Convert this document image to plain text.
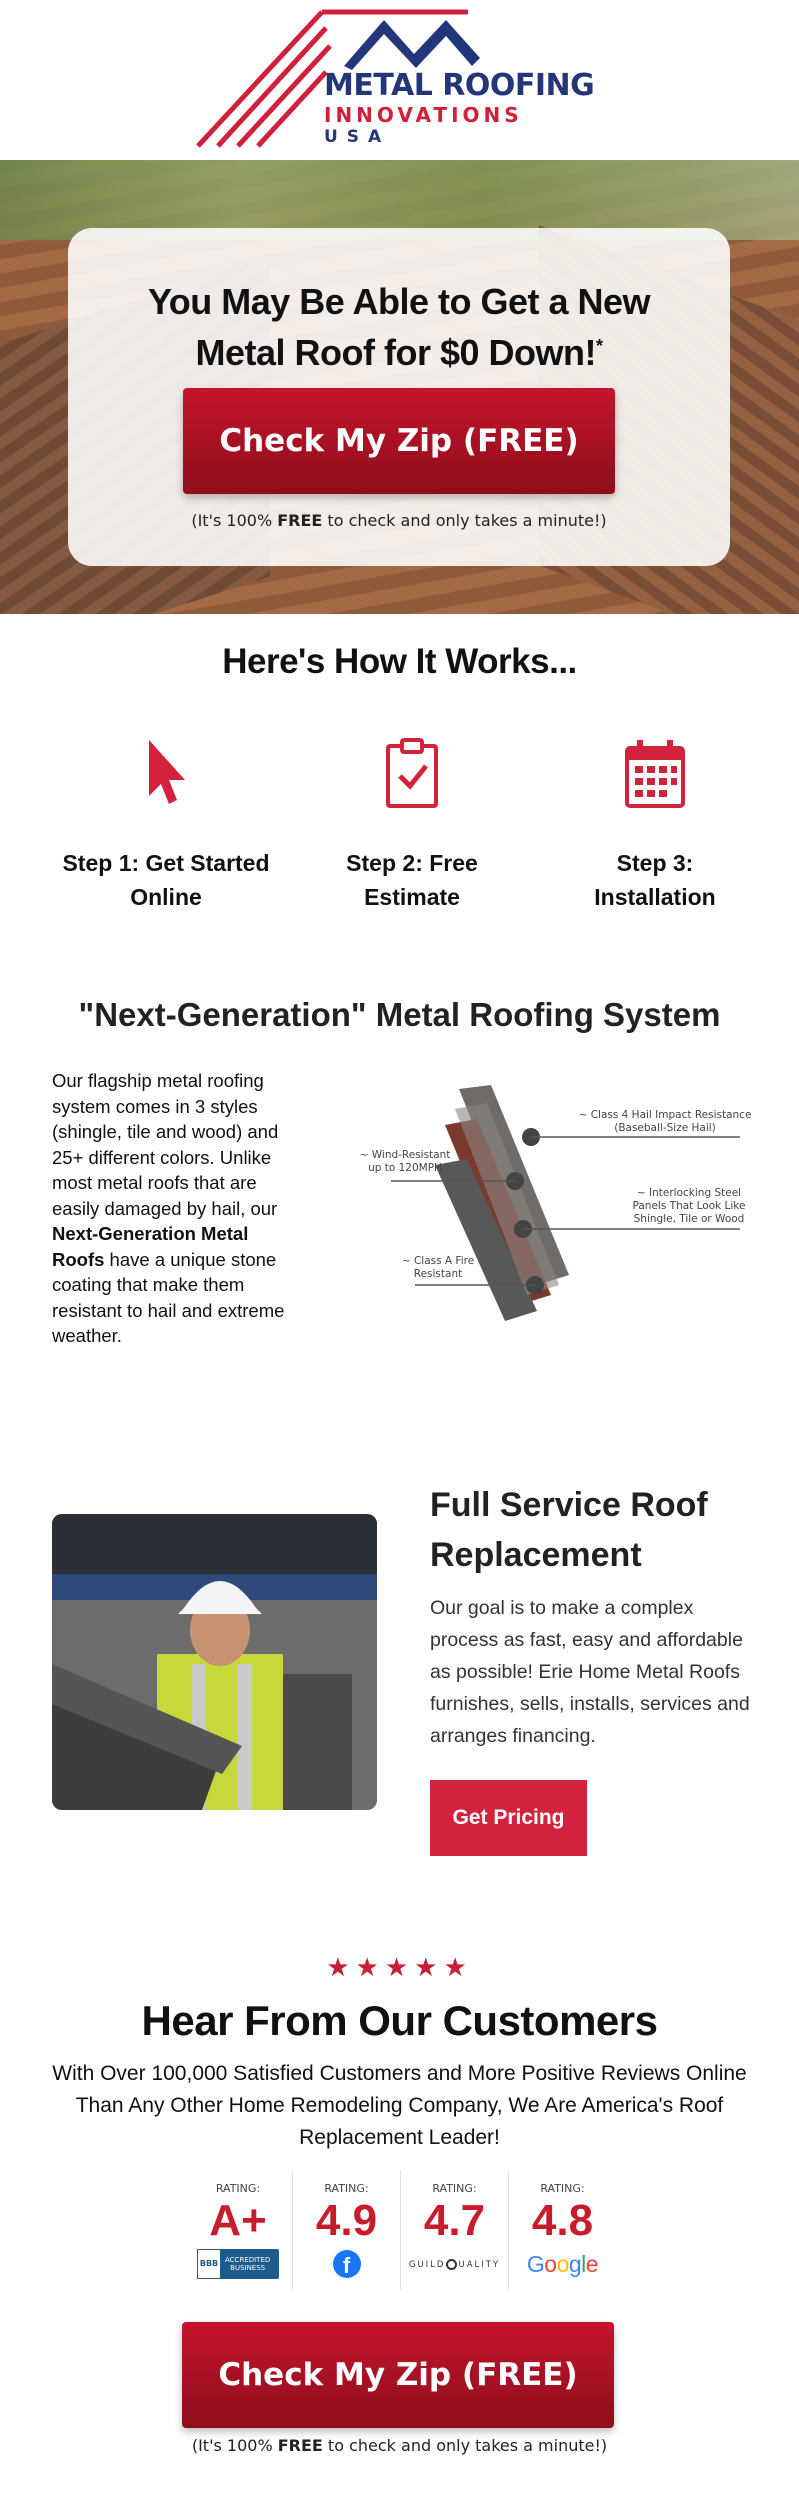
METAL ROOFING
INNOVATIONS
USA
You May Be Able to Get a New
Metal Roof for $0 Down!*
Check My Zip (FREE)
(It's 100% FREE to check and only takes a minute!)
Here's How It Works...
Step 1: Get Started
Online
Step 2: Free
Estimate
Step 3:
Installation
"Next-Generation" Metal Roofing System
Our flagship metal roofing system comes in 3 styles (shingle, tile and wood) and 25+ different colors. Unlike most metal roofs that are easily damaged by hail, our Next-Generation Metal Roofs have a unique stone coating that make them resistant to hail and extreme weather.
~ Class 4 Hail Impact Resistance
(Baseball-Size Hail)
~ Wind-Resistant
up to 120MPH
~ Interlocking Steel
Panels That Look Like
Shingle, Tile or Wood
~ Class A Fire
Resistant
Full Service Roof
Replacement
Our goal is to make a complex process as fast, easy and affordable as possible! Erie Home Metal Roofs furnishes, sells, installs, services and arranges financing.
Get Pricing
★★★★★
Hear From Our Customers
With Over 100,000 Satisfied Customers and More Positive Reviews Online Than Any Other Home Remodeling Company, We Are America's Roof Replacement Leader!
RATING:
A+
BBB ACCREDITED
BUSINESS
RATING:
4.9
f
RATING:
4.7
GUILD UALITY
RATING:
4.8
Google
Check My Zip (FREE)
(It's 100% FREE to check and only takes a minute!)
